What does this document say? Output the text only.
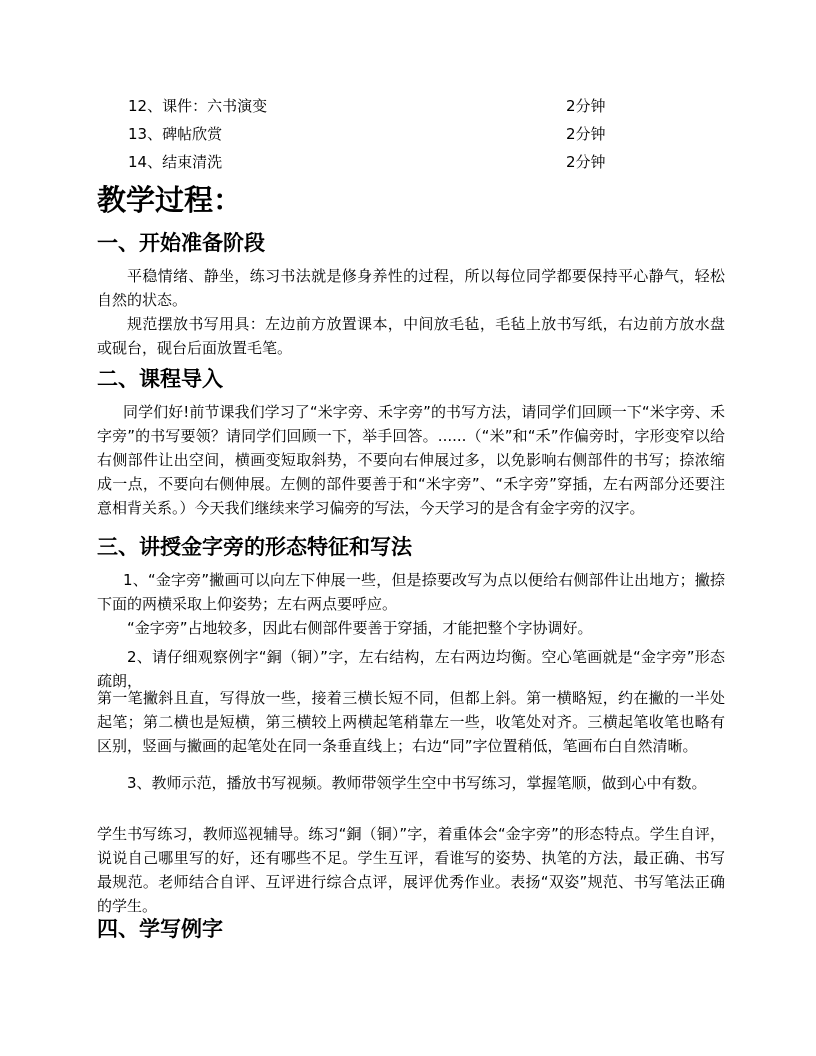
12、课件：六书演变	2分钟
13、碑帖欣赏	2分钟
14、结束清洗	2分钟
教学过程：
一、开始准备阶段

平稳情绪、静坐，练习书法就是修身养性的过程，所以每位同学都要保持平心静气，轻松自然的状态。

规范摆放书写用具：左边前方放置课本，中间放毛毡，毛毡上放书写纸，右边前方放水盘或砚台，砚台后面放置毛笔。

二、课程导入

同学们好!前节课我们学习了“米字旁、禾字旁”的书写方法，请同学们回顾一下“米字旁、禾字旁”的书写要领？请同学们回顾一下，举手回答。......（“米”和“禾”作偏旁时，字形变窄以给右侧部件让出空间，横画变短取斜势，不要向右伸展过多，以免影响右侧部件的书写；捺浓缩成一点，不要向右侧伸展。左侧的部件要善于和“米字旁”、“禾字旁”穿插，左右两部分还要注意相背关系。）今天我们继续来学习偏旁的写法，今天学习的是含有金字旁的汉字。

三、讲授金字旁的形态特征和写法

1、“金字旁”撇画可以向左下伸展一些，但是捺要改写为点以便给右侧部件让出地方；撇捺下面的两横采取上仰姿势；左右两点要呼应。

“金字旁”占地较多，因此右侧部件要善于穿插，才能把整个字协调好。

2、请仔细观察例字“銅（铜）”字，左右结构，左右两边均衡。空心笔画就是“金字旁”形态疏朗，

第一笔撇斜且直，写得放一些，接着三横长短不同，但都上斜。第一横略短，约在撇的一半处起笔；第二横也是短横，第三横较上两横起笔稍靠左一些，收笔处对齐。三横起笔收笔也略有区别，竖画与撇画的起笔处在同一条垂直线上；右边“同”字位置稍低，笔画布白自然清晰。

3、教师示范，播放书写视频。教师带领学生空中书写练习，掌握笔顺，做到心中有数。

学生书写练习，教师巡视辅导。练习“銅（铜）”字，着重体会“金字旁”的形态特点。学生自评，说说自己哪里写的好，还有哪些不足。学生互评，看谁写的姿势、执笔的方法，最正确、书写最规范。老师结合自评、互评进行综合点评，展评优秀作业。表扬“双姿”规范、书写笔法正确的学生。

四、学写例字
